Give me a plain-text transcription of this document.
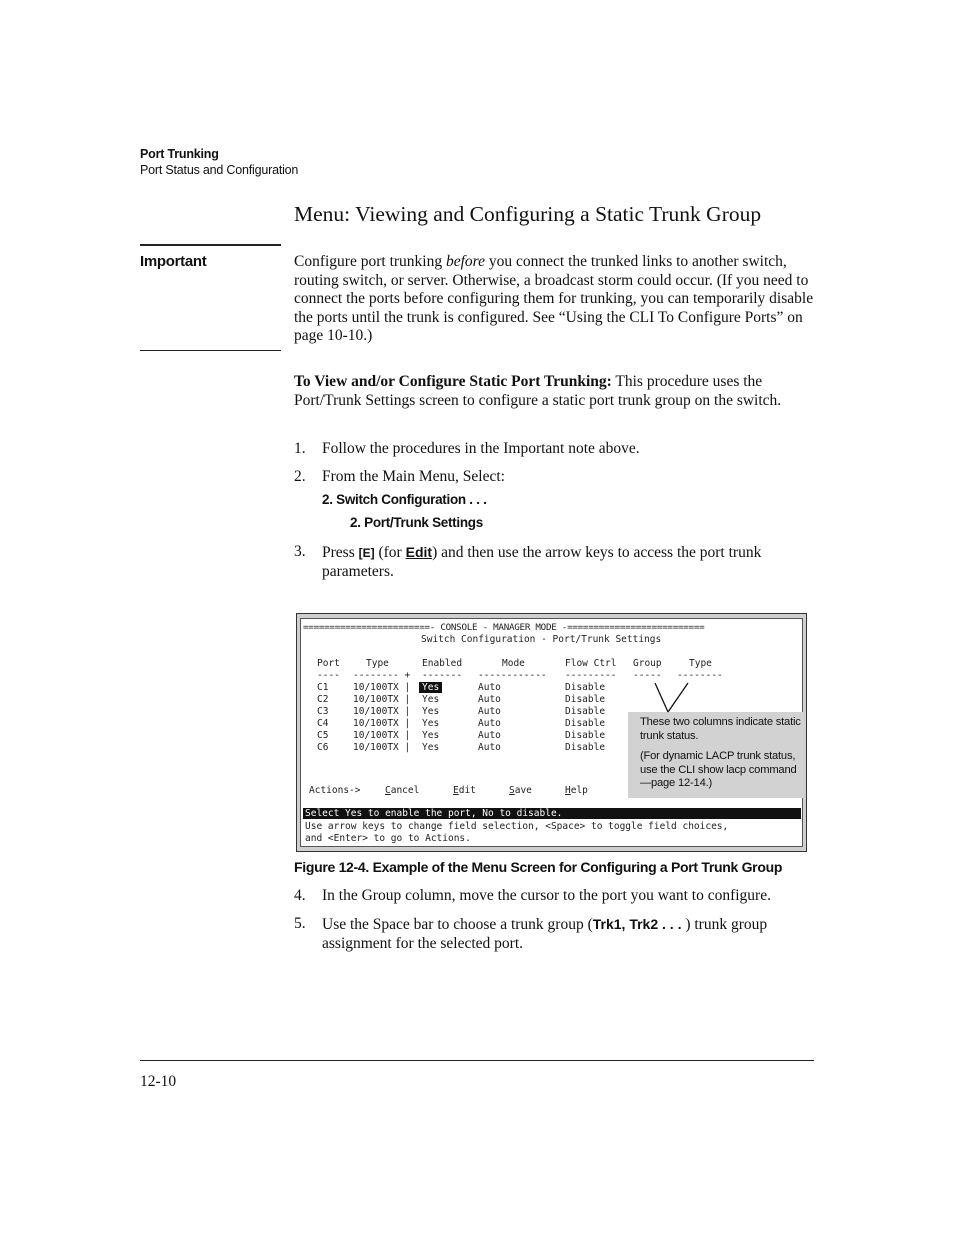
Port Trunking
Port Status and Configuration
Menu: Viewing and Configuring a Static Trunk Group
Important	Configure port trunking before you connect the trunked links to another switch, routing switch, or server. Otherwise, a broadcast storm could occur. (If you need to connect the ports before configuring them for trunking, you can temporarily disable the ports until the trunk is configured. See “Using the CLI To Configure Ports” on page 10-10.)
To View and/or Configure Static Port Trunking: This procedure uses the Port/Trunk Settings screen to configure a static port trunk group on the switch.
1. Follow the procedures in the Important note above.
2. From the Main Menu, Select:
2. Switch Configuration . . .
2. Port/Trunk Settings
3. Press [E] (for Edit) and then use the arrow keys to access the port trunk parameters.
========================- CONSOLE - MANAGER MODE -==========================
Switch Configuration - Port/Trunk Settings
Port	Type	Enabled	Mode	Flow Ctrl Group	Type
---- -------- + ------- ------------ --------- ----- --------
C1	10/100TX |	Yes	Auto	Disable
C2	10/100TX | Yes	Auto	Disable
C3	10/100TX | Yes	Auto	Disable
C4	10/100TX | Yes	Auto	Disable
C5	10/100TX | Yes	Auto	Disable
C6	10/100TX | Yes	Auto	Disable
Actions->	Cancel	Edit	Save	Help
Select Yes to enable the port, No to disable.
Use arrow keys to change field selection, <Space> to toggle field choices,
and <Enter> to go to Actions.
These two columns indicate static trunk status.
(For dynamic LACP trunk status, use the CLI show lacp command—page 12-14.)
Figure 12-4. Example of the Menu Screen for Configuring a Port Trunk Group
4. In the Group column, move the cursor to the port you want to configure.
5. Use the Space bar to choose a trunk group (Trk1, Trk2 . . . ) trunk group assignment for the selected port.
12-10
